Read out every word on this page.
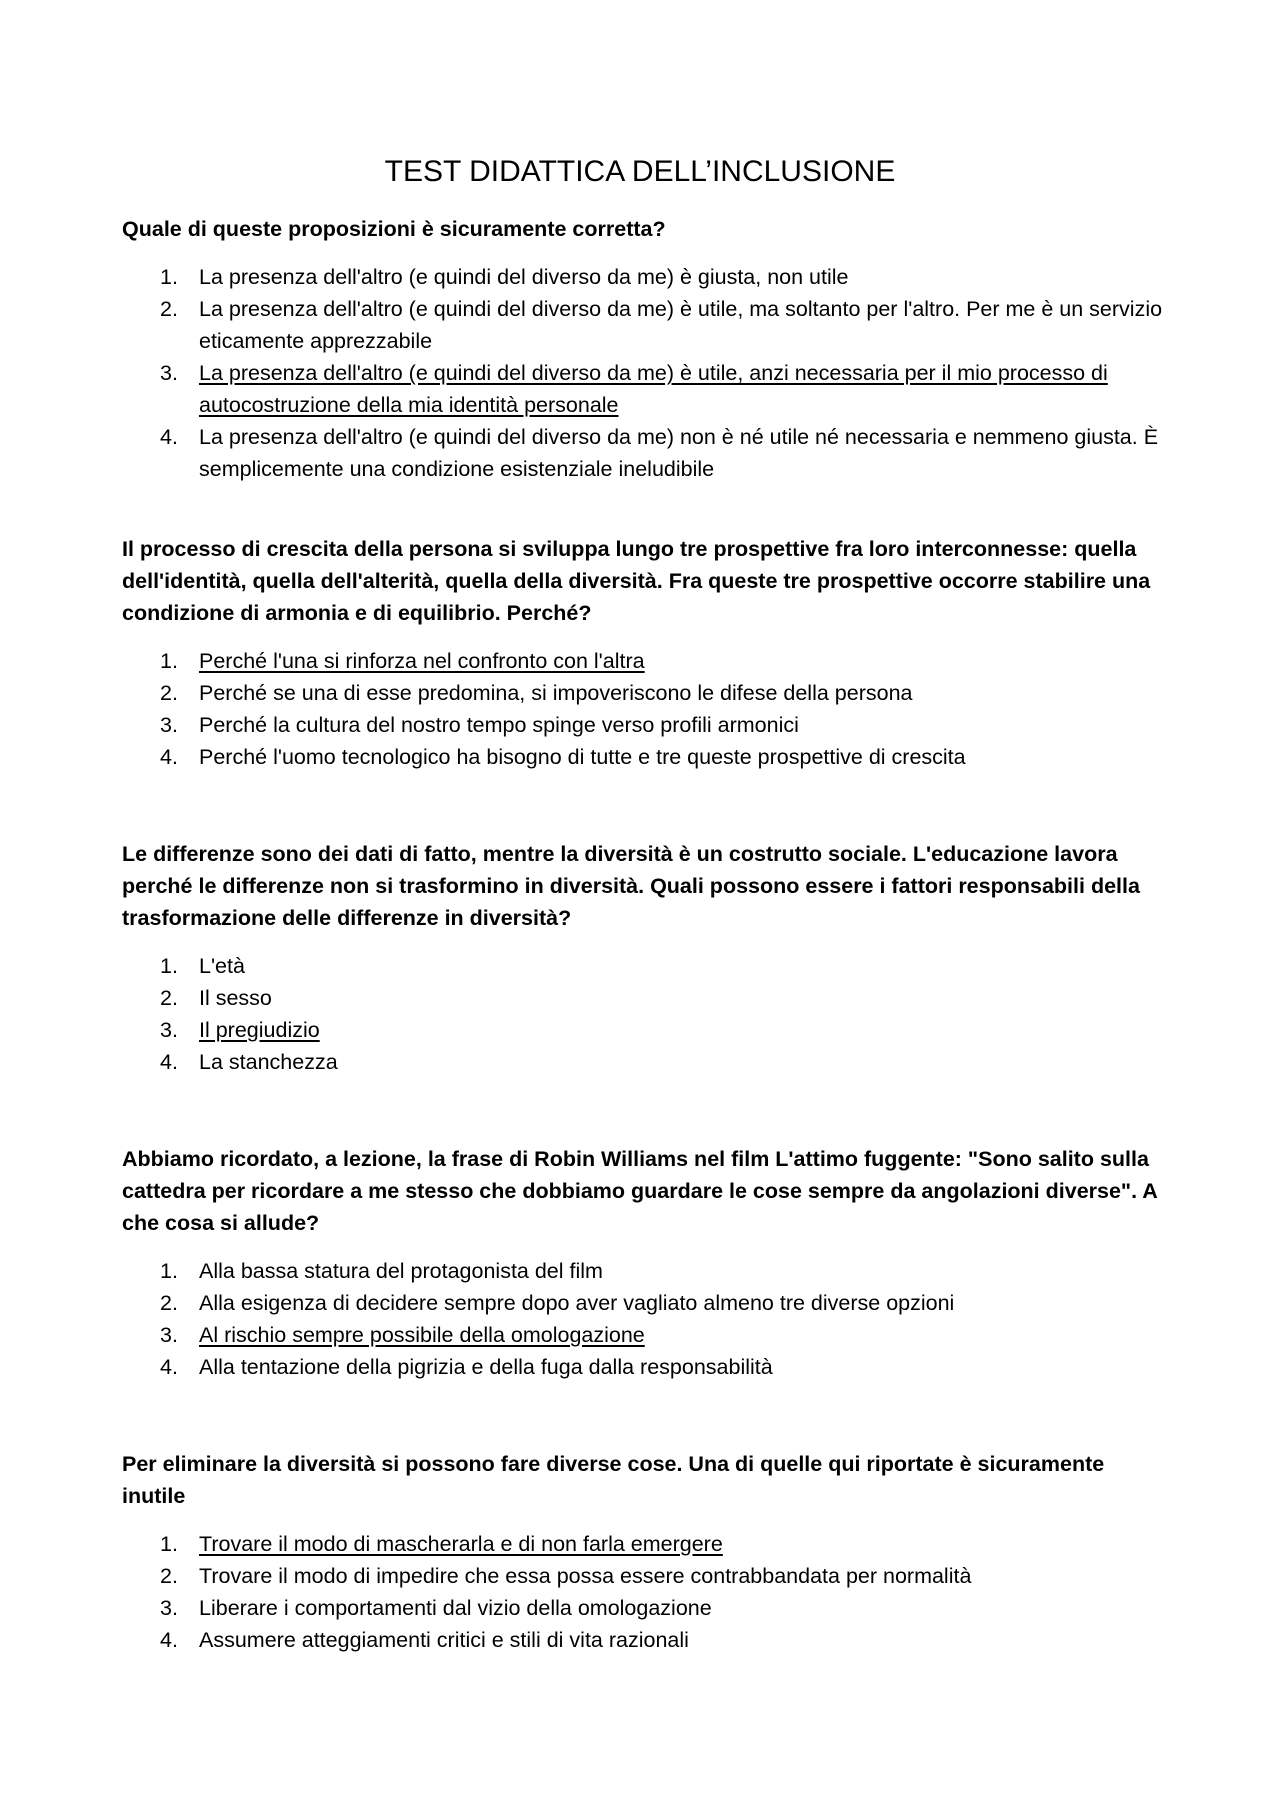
TEST DIDATTICA DELL’INCLUSIONE

Quale di queste proposizioni è sicuramente corretta?

1. La presenza dell'altro (e quindi del diverso da me) è giusta, non utile
2. La presenza dell'altro (e quindi del diverso da me) è utile, ma soltanto per l'altro. Per me è un servizio eticamente apprezzabile
3. La presenza dell'altro (e quindi del diverso da me) è utile, anzi necessaria per il mio processo di autocostruzione della mia identità personale
4. La presenza dell'altro (e quindi del diverso da me) non è né utile né necessaria e nemmeno giusta. È semplicemente una condizione esistenziale ineludibile

Il processo di crescita della persona si sviluppa lungo tre prospettive fra loro interconnesse: quella dell'identità, quella dell'alterità, quella della diversità. Fra queste tre prospettive occorre stabilire una condizione di armonia e di equilibrio. Perché?

1. Perché l'una si rinforza nel confronto con l'altra
2. Perché se una di esse predomina, si impoveriscono le difese della persona
3. Perché la cultura del nostro tempo spinge verso profili armonici
4. Perché l'uomo tecnologico ha bisogno di tutte e tre queste prospettive di crescita

Le differenze sono dei dati di fatto, mentre la diversità è un costrutto sociale. L'educazione lavora perché le differenze non si trasformino in diversità. Quali possono essere i fattori responsabili della trasformazione delle differenze in diversità?

1. L'età
2. Il sesso
3. Il pregiudizio
4. La stanchezza

Abbiamo ricordato, a lezione, la frase di Robin Williams nel film L'attimo fuggente: "Sono salito sulla cattedra per ricordare a me stesso che dobbiamo guardare le cose sempre da angolazioni diverse". A che cosa si allude?

1. Alla bassa statura del protagonista del film
2. Alla esigenza di decidere sempre dopo aver vagliato almeno tre diverse opzioni
3. Al rischio sempre possibile della omologazione
4. Alla tentazione della pigrizia e della fuga dalla responsabilità

Per eliminare la diversità si possono fare diverse cose. Una di quelle qui riportate è sicuramente inutile

1. Trovare il modo di mascherarla e di non farla emergere
2. Trovare il modo di impedire che essa possa essere contrabbandata per normalità
3. Liberare i comportamenti dal vizio della omologazione
4. Assumere atteggiamenti critici e stili di vita razionali
